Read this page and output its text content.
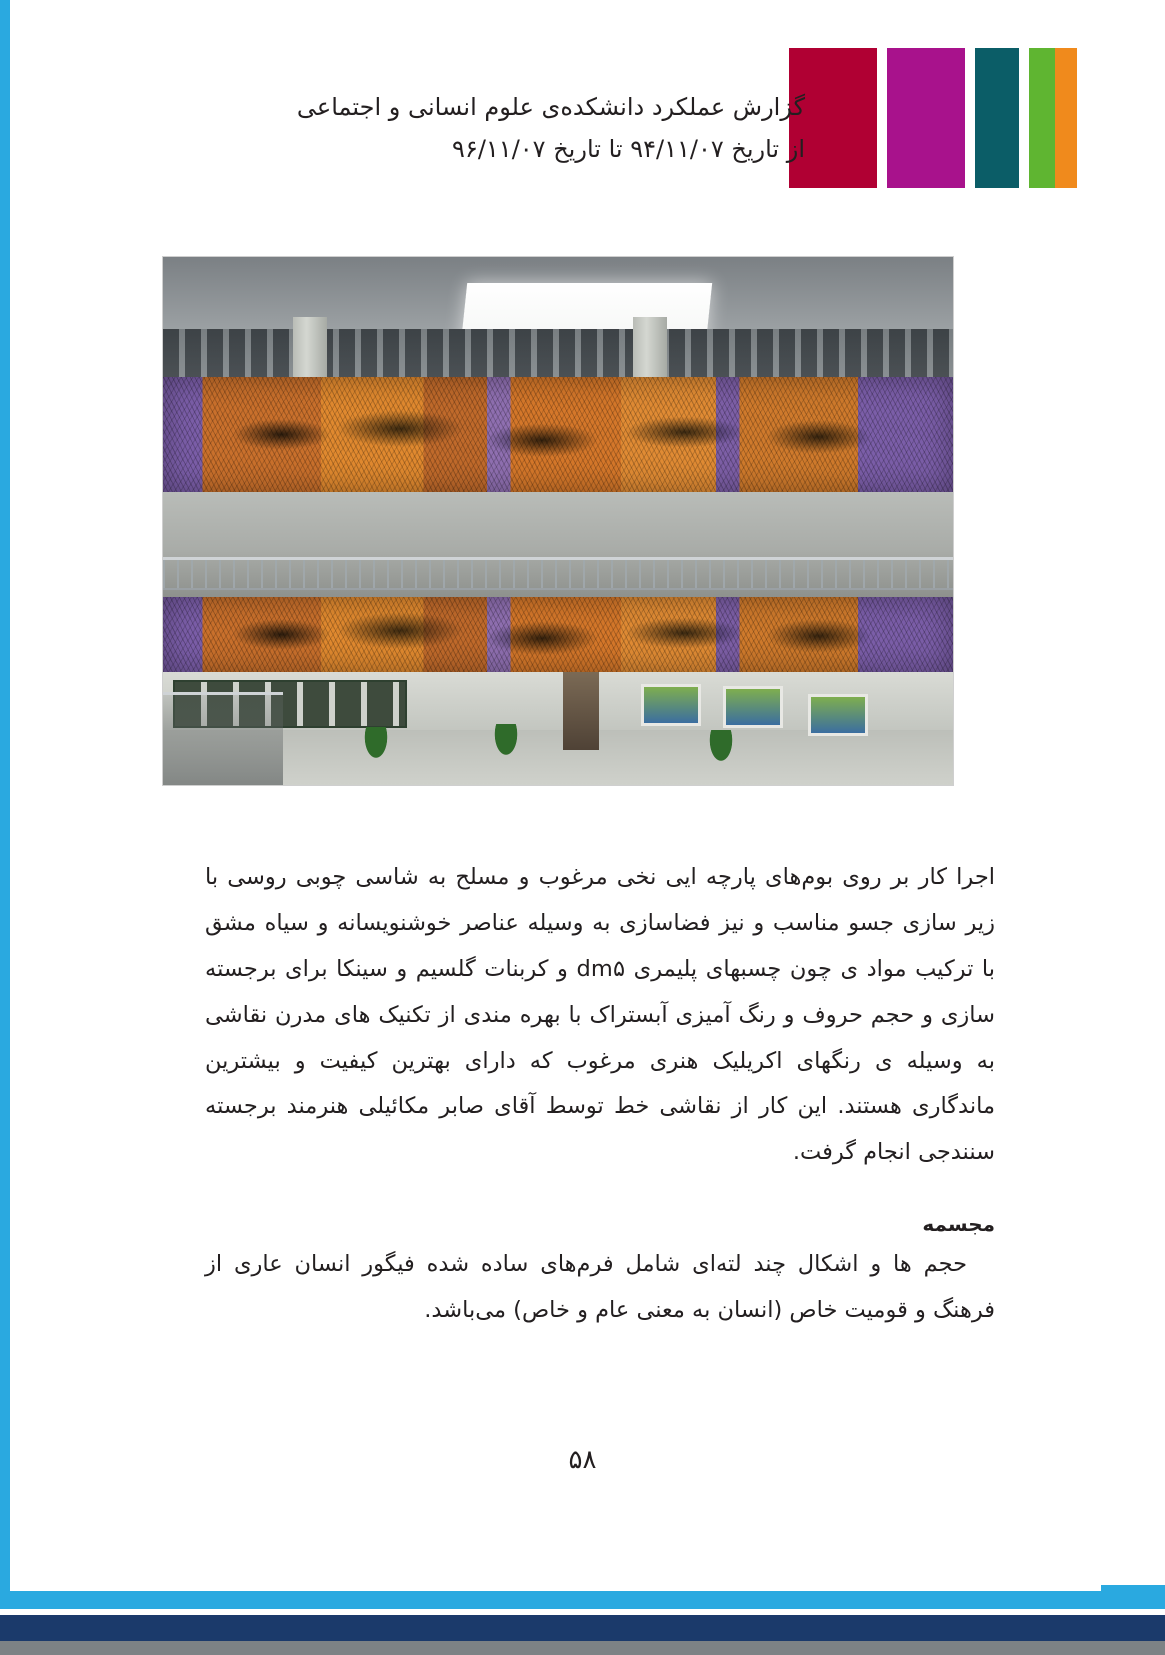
گزارش عملکرد دانشکده‌ی علوم انسانی و اجتماعی
از تاریخ ۹۴/۱۱/۰۷ تا تاریخ ۹۶/۱۱/۰۷

اجرا کار بر روی بوم‌های پارچه ایی نخی مرغوب و مسلح به شاسی چوبی روسی با زیر سازی جسو مناسب و نیز فضاسازی به وسیله عناصر خوشنویسانه و سیاه مشق با ترکیب مواد ی چون چسبهای پلیمری dm۵ و کربنات گلسیم و سینکا برای برجسته سازی و حجم حروف و رنگ آمیزی آبستراک با بهره مندی از تکنیک های مدرن نقاشی به وسیله ی رنگهای اکریلیک هنری مرغوب که دارای بهترین کیفیت و بیشترین ماندگاری هستند. این کار از نقاشی خط توسط آقای صابر مکائیلی هنرمند برجسته سنندجی انجام گرفت.

مجسمه

حجم ها و اشکال چند لته‌ای شامل فرم‌های ساده شده فیگور انسان عاری از فرهنگ و قومیت خاص (انسان به معنی عام و خاص) می‌باشد.

۵۸
